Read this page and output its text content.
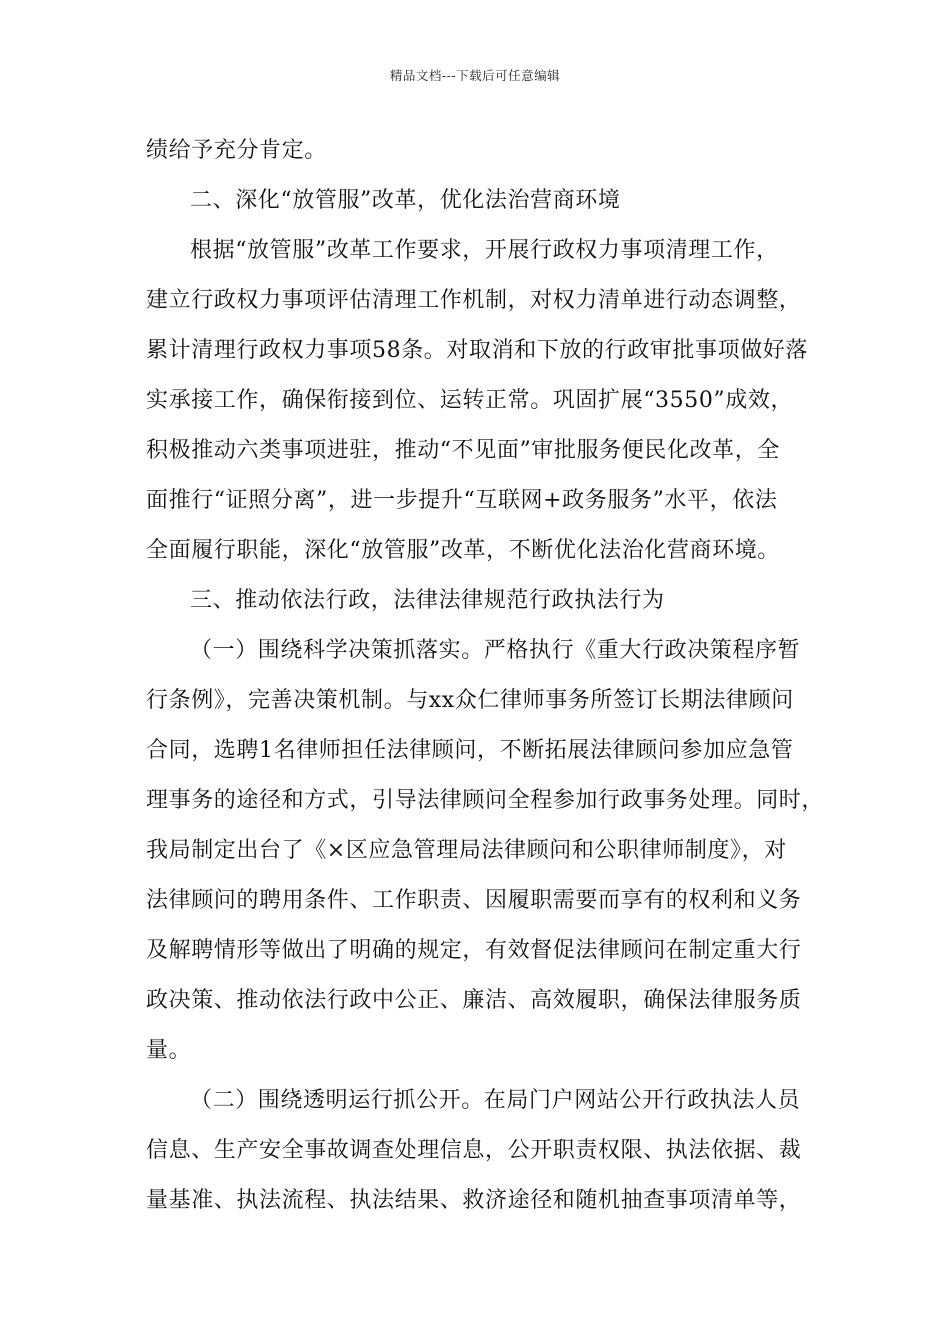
精品文档---下载后可任意编辑
绩给予充分肯定。
二、深化“放管服”改革，优化法治营商环境
根据“放管服”改革工作要求，开展行政权力事项清理工作，
建立行政权力事项评估清理工作机制，对权力清单进行动态调整，
累计清理行政权力事项58条。对取消和下放的行政审批事项做好落
实承接工作，确保衔接到位、运转正常。巩固扩展“3550”成效，
积极推动六类事项进驻，推动“不见面”审批服务便民化改革，全
面推行“证照分离”，进一步提升“互联网+政务服务”水平，依法
全面履行职能，深化“放管服”改革，不断优化法治化营商环境。
三、推动依法行政，法律法律规范行政执法行为
（一）围绕科学决策抓落实。严格执行《重大行政决策程序暂
行条例》，完善决策机制。与xx众仁律师事务所签订长期法律顾问
合同，选聘1名律师担任法律顾问，不断拓展法律顾问参加应急管
理事务的途径和方式，引导法律顾问全程参加行政事务处理。同时，
我局制定出台了《×区应急管理局法律顾问和公职律师制度》，对
法律顾问的聘用条件、工作职责、因履职需要而享有的权利和义务
及解聘情形等做出了明确的规定，有效督促法律顾问在制定重大行
政决策、推动依法行政中公正、廉洁、高效履职，确保法律服务质
量。
（二）围绕透明运行抓公开。在局门户网站公开行政执法人员
信息、生产安全事故调查处理信息，公开职责权限、执法依据、裁
量基准、执法流程、执法结果、救济途径和随机抽查事项清单等，
